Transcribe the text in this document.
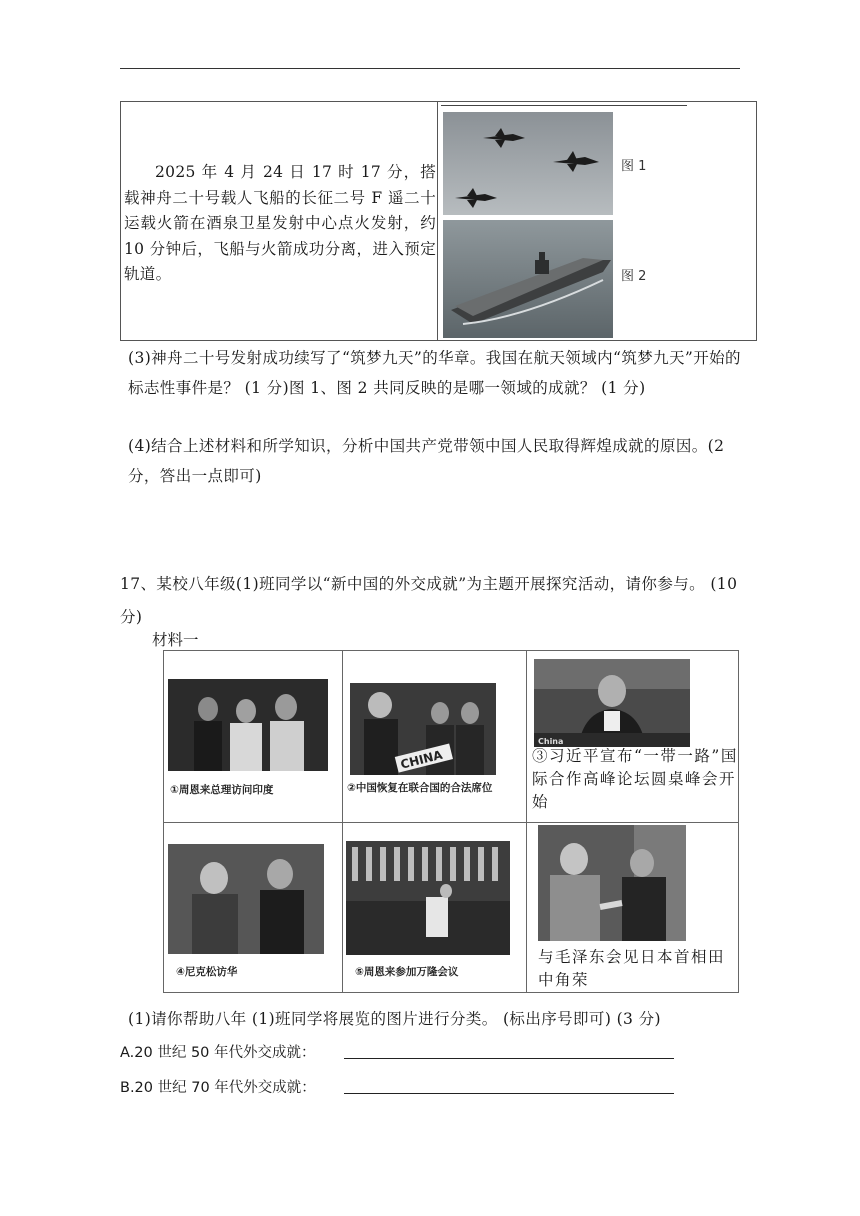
2025 年 4 月 24 日 17 时 17 分，搭载神舟二十号载人飞船的长征二号 F 遥二十运载火箭在酒泉卫星发射中心点火发射，约 10 分钟后，飞船与火箭成功分离，进入预定轨道。
图 1
图 2
(3)神舟二十号发射成功续写了“筑梦九天”的华章。我国在航天领域内“筑梦九天”开始的标志性事件是？ (1 分)图 1、图 2 共同反映的是哪一领域的成就？ (1 分)
(4)结合上述材料和所学知识，分析中国共产党带领中国人民取得辉煌成就的原因。(2 分，答出一点即可)
17、某校八年级(1)班同学以“新中国的外交成就”为主题开展探究活动，请你参与。 (10 分)
材料一
①周恩来总理访问印度
CHINA
②中国恢复在联合国的合法席位
China
③习近平宣布“一带一路”国际合作高峰论坛圆桌峰会开始
④尼克松访华	⑤周恩来参加万隆会议
与毛泽东会见日本首相田中角荣
(1)请你帮助八年 (1)班同学将展览的图片进行分类。 (标出序号即可) (3 分)
A.20 世纪 50 年代外交成就：
B.20 世纪 70 年代外交成就：
